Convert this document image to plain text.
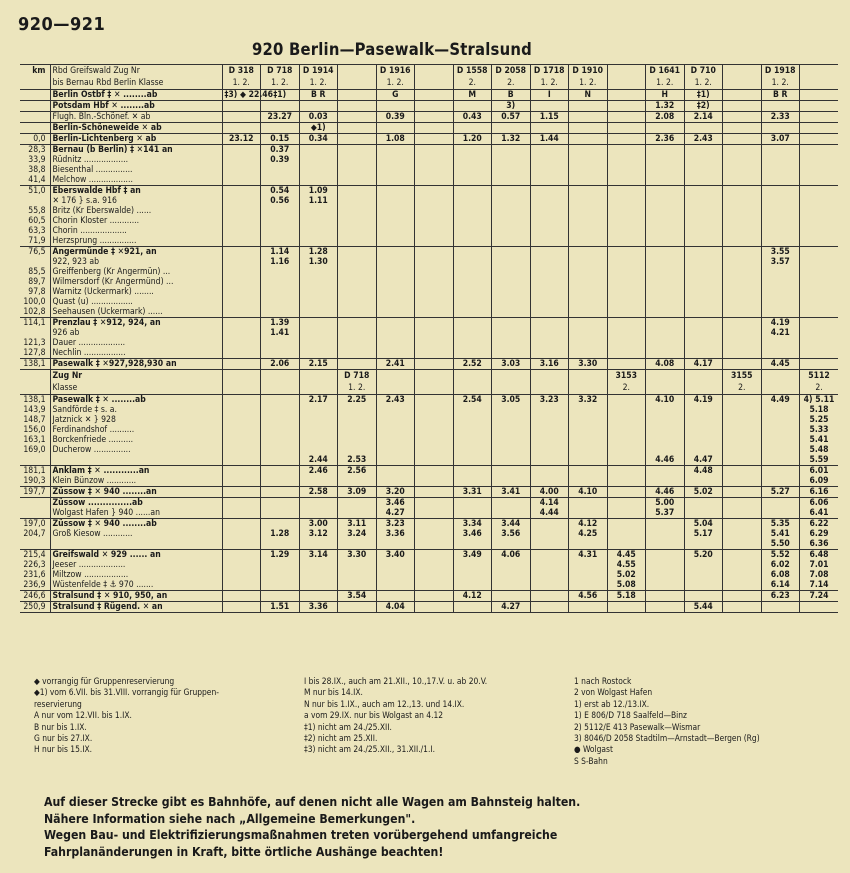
920—921
920 Berlin—Pasewalk—Stralsund
km	Rbd Greifswald Zug Nr	D 318	D 718	D 1914		D 1916		D 1558	D 2058	D 1718	D 1910		D 1641	D 710		D 1918	
	bis Bernau Rbd Berlin Klasse	1. 2.	1. 2.	1. 2.		1. 2.		2.	2.	1. 2.	1. 2.		1. 2.	1. 2.		1. 2.	
	Berlin Ostbf ‡ ✕ ........ab	‡3) ◆ 22.46	‡1)	B R		G		M	B	I	N		H	‡1)		B R	
	Potsdam Hbf ✕ ........ab								3)				1.32	‡2)			
	Flugh. Bln.-Schönef. ✕ ab		23.27	0.03		0.39		0.43	0.57	1.15			2.08	2.14		2.33	
	Berlin-Schöneweide ✕ ab			◆1)													
0,0	Berlin-Lichtenberg ✕ ab	23.12	0.15	0.34		1.08		1.20	1.32	1.44			2.36	2.43		3.07	
28,3	Bernau (b Berlin) ‡ ✕141 an		0.37														
33,9	Rüdnitz ..................		0.39														
38,8	Biesenthal ...............																
41,4	Melchow ..................																
51,0	Eberswalde Hbf ‡ an		0.54	1.09													
	✕ 176 } s.a. 916		0.56	1.11													
55,8	Britz (Kr Eberswalde) ......																
60,5	Chorin Kloster ............																
63,3	Chorin ...................																
71,9	Herzsprung ...............																
76,5	Angermünde ‡ ✕921, an		1.14	1.28												3.55	
	922, 923 ab		1.16	1.30												3.57	
85,5	Greiffenberg (Kr Angermün) ...																
89,7	Wilmersdorf (Kr Angermünd) ...																
97,8	Warnitz (Uckermark) ........																
100,0	Quast (u) .................																
102,8	Seehausen (Uckermark) ......																
114,1	Prenzlau ‡ ✕912, 924, an		1.39													4.19	
	926 ab		1.41													4.21	
121,3	Dauer ...................																
127,8	Nechlin .................																
138,1	Pasewalk ‡ ✕927,928,930 an		2.06	2.15		2.41		2.52	3.03	3.16	3.30		4.08	4.17		4.45	
	Zug Nr				D 718							3153			3155		5112
	Klasse				1. 2.							2.			2.		2.
138,1	Pasewalk ‡ ✕ ........ab			2.17	2.25	2.43		2.54	3.05	3.23	3.32		4.10	4.19		4.49	4) 5.11
143,9	Sandförde ‡ s. a.																5.18
148,7	Jatznick ✕ } 928																5.25
156,0	Ferdinandshof ..........																5.33
163,1	Borckenfriede ..........																5.41
169,0	Ducherow ...............																5.48
				2.44	2.53								4.46	4.47			5.59
181,1	Anklam ‡ ✕ ............an			2.46	2.56									4.48			6.01
190,3	Klein Bünzow ............																6.09
197,7	Züssow ‡ ✕ 940 ........an			2.58	3.09	3.20		3.31	3.41	4.00	4.10		4.46	5.02		5.27	6.16
	Züssow ...............ab					3.46				4.14			5.00				6.06
	Wolgast Hafen } 940 ......an					4.27				4.44			5.37				6.41
197,0	Züssow ‡ ✕ 940 ........ab			3.00	3.11	3.23		3.34	3.44		4.12			5.04		5.35	6.22
204,7	Groß Kiesow ............		1.28	3.12	3.24	3.36		3.46	3.56		4.25			5.17		5.41	6.29
																5.50	6.36
215,4	Greifswald ✕ 929 ...... an		1.29	3.14	3.30	3.40		3.49	4.06		4.31	4.45		5.20		5.52	6.48
226,3	Jeeser ...................											4.55				6.02	7.01
231,6	Miltzow ..................											5.02				6.08	7.08
236,9	Wüstenfelde ‡ ⚓ 970 .......											5.08				6.14	7.14
246,6	Stralsund ‡ ✕ 910, 950, an				3.54			4.12			4.56	5.18				6.23	7.24
250,9	Stralsund ‡ Rügend. ✕ an		1.51	3.36		4.04			4.27					5.44			
◆ vorrangig für Gruppenreservierung
◆1) vom 6.VII. bis 31.VIII. vorrangig für Gruppen-
reservierung
A nur vom 12.VII. bis 1.IX.
B nur bis 1.IX.
G nur bis 27.IX.
H nur bis 15.IX.
I bis 28.IX., auch am 21.XII., 10.,17.V. u. ab 20.V.
M nur bis 14.IX.
N nur bis 1.IX., auch am 12.,13. und 14.IX.
a vom 29.IX. nur bis Wolgast an 4.12
‡1) nicht am 24./25.XII.
‡2) nicht am 25.XII.
‡3) nicht am 24./25.XII., 31.XII./1.I.
1 nach Rostock
2 von Wolgast Hafen
1) erst ab 12./13.IX.
1) E 806/D 718 Saalfeld—Binz
2) 5112/E 413 Pasewalk—Wismar
3) 8046/D 2058 Stadtilm—Arnstadt—Bergen (Rg)
● Wolgast
S S-Bahn
Auf dieser Strecke gibt es Bahnhöfe, auf denen nicht alle Wagen am Bahnsteig halten.
Nähere Information siehe nach „Allgemeine Bemerkungen".
Wegen Bau- und Elektrifizierungsmaßnahmen treten vorübergehend umfangreiche
Fahrplanänderungen in Kraft, bitte örtliche Aushänge beachten!
